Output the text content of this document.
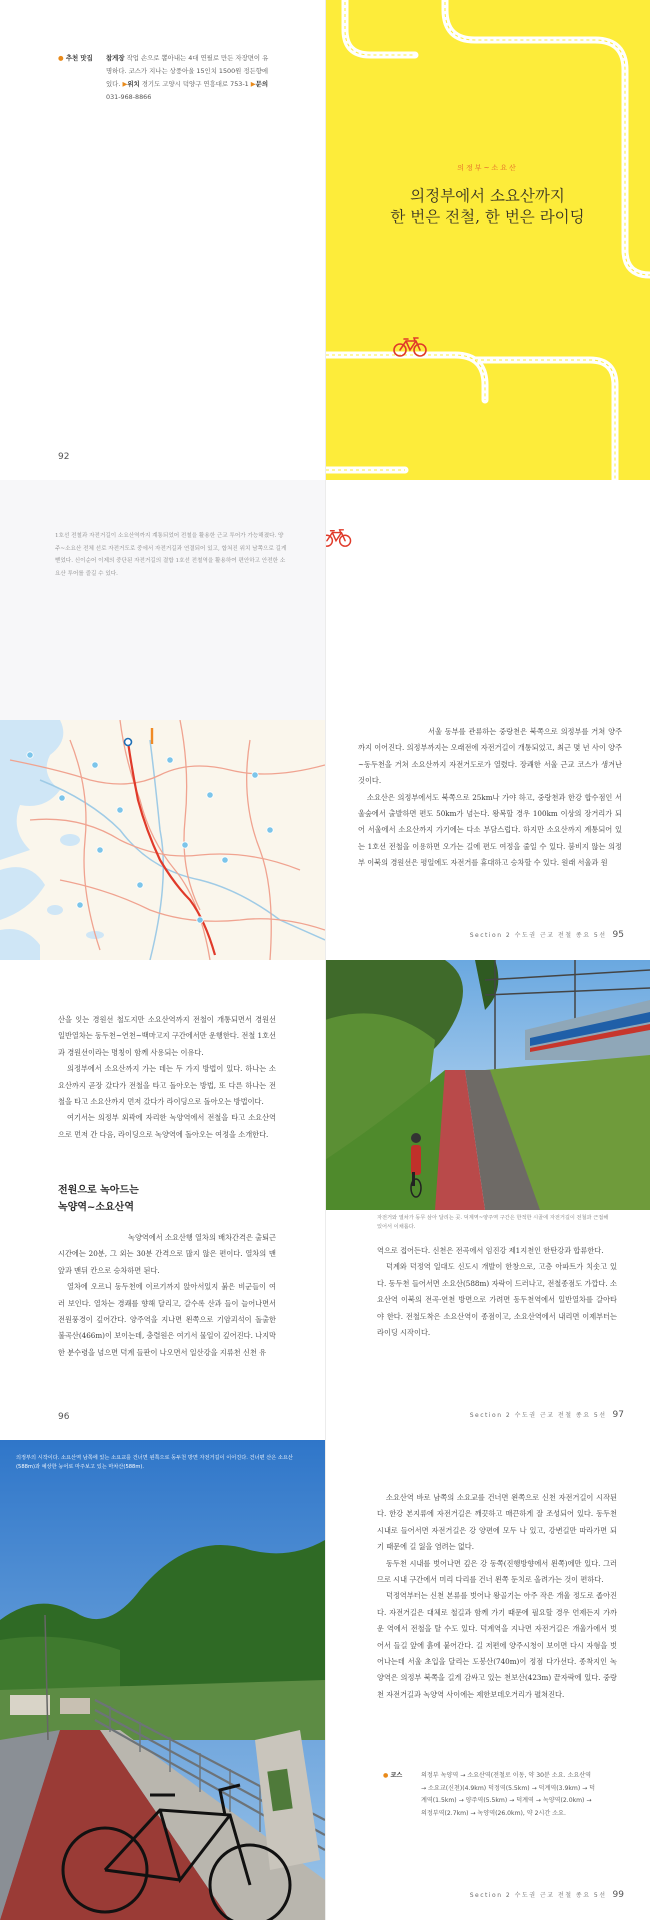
● 추천 맛집 참게장 작업 손으로 뽑아내는 4대 연필로 만든 자장면이 유명하다. 코스가 지나는 상풍아울 15인치 1500원 정든향에 있다. ▶위치 경기도 고양시 덕양구 연흥대로 753-1 ▶문의 031-968-8866
92
의정부~소요산
의정부에서 소요산까지
한 번은 전철, 한 번은 라이딩

1호선 전철과 자전거길이 소요산역까지 계통되었어 전철을 활용한 근교 투어가 가능해졌다. 양주~소요산 전체 선로 자전거도로 중에서 자전거길과 연결되어 있고, 합쳐진 위치 남쪽으로 길게 뻗었다. 신이순어 이제의 중단된 자전거길의 결합 1호선 전철역을 활용하여 편안하고 안전한 소요산 투어를 즐길 수 있다.

서울 동부를 관류하는 중랑천은 북쪽으로 의정부를 거쳐 양주까지 이어진다. 의정부까지는 오래전에 자전거길이 개통되었고, 최근 몇 년 사이 양주~동두천을 거쳐 소요산까지 자전거도로가 열렸다. 장쾌한 서울 근교 코스가 생겨난 것이다.

소요산은 의정부에서도 북쪽으로 25km나 가야 하고, 중랑천과 한강 합수점인 서울숲에서 출발하면 편도 50km가 넘는다. 왕복할 경우 100km 이상의 장거리가 되어 서울에서 소요산까지 가기에는 다소 부담스럽다. 하지만 소요산까지 계통되어 있는 1호선 전철을 이용하면 오가는 길에 편도 여정을 줄일 수 있다. 붐비지 않는 의정부 이북의 경원선은 평일에도 자전거를 휴대하고 승차할 수 있다. 원래 서울과 원

Section 2 수도권 근교 전철 종요 5선 95

산을 잇는 경원선 철도지만 소요산역까지 전철이 개통되면서 경원선 일반열차는 동두천~연천~백마고지 구간에서만 운행한다. 전철 1호선과 경원선이라는 명칭이 함께 사용되는 이유다.

의정부에서 소요산까지 가는 데는 두 가지 방법이 있다. 하나는 소요산까지 곧장 갔다가 전철을 타고 돌아오는 방법, 또 다른 하나는 전철을 타고 소요산까지 먼저 갔다가 라이딩으로 돌아오는 방법이다.

여기서는 의정부 외곽에 자리한 녹양역에서 전철을 타고 소요산역으로 먼저 간 다음, 라이딩으로 녹양역에 돌아오는 여정을 소개한다.

전원으로 녹아드는
녹양역~소요산역

녹양역에서 소요산행 열차의 배차간격은 출퇴근 시간에는 20분, 그 외는 30분 간격으로 많지 않은 편이다. 열차의 맨앞과 맨뒤 칸으로 승차하면 된다.

열차에 오르니 동두천에 이르기까지 앉아서있지 붉은 비군들이 여러 보인다. 열차는 경쾌를 향해 달리고, 갈수록 산과 들이 늘어나면서 전원풍경이 깊어간다. 양주역을 지나면 왼쪽으로 기암괴석이 돌출한 불곡산(466m)이 보이는데, 충렬원은 여기서 물일이 깊어진다. 나지막한 분수령을 넘으면 덕계 들판이 나오면서 일산강을 지류천 신천 유

96

자전거와 열차가 동무 삼아 달리는 곳. 덕계역~양주역 구간은 한적한 시골에 자전거길이 전철과 근접해 있어서 이채롭다.

역으로 접어든다. 신천은 전곡에서 임진강 제1지천인 한탄강과 합류한다.

덕계와 덕정역 일대도 신도시 개발이 한창으로, 고층 아파트가 치솟고 있다. 동두천 들어서면 소요산(588m) 자락이 드러나고, 전철종점도 가깝다. 소요산역 이북의 전곡·연천 방면으로 가려면 동두천역에서 일반열차를 갈아타야 한다. 전철도착은 소요산역이 종점이고, 소요산역에서 내리면 이제부터는 라이딩 시작이다.

Section 2 수도권 근교 전철 종요 5선 97

의정부의 시작이다. 소요산역 남쪽에 있는 소요교를 건너면 왼쪽으로 동두천 방면 자전거길이 이어진다. 건너편 산은 소요산(588m)과 예상한 능어로 마주보고 있는 마차산(588m).

소요산역 바로 남쪽의 소요교를 건너면 왼쪽으로 신천 자전거길이 시작된다. 한강 본지류에 자전거길은 깨끗하고 매끈하게 잘 조성되어 있다. 동두천 시내로 들어서면 자전거길은 강 양편에 모두 나 있고, 강변길만 따라가면 되기 때문에 길 잃을 염려는 없다.

동두천 시내를 벗어나면 깊은 강 동쪽(진행방향에서 왼쪽)에만 있다. 그러므로 시내 구간에서 미리 다리를 건너 왼쪽 둔치로 올려가는 것이 편하다.

덕정역부터는 신천 본류를 벗어나 왕골기는 아주 작은 개울 정도로 좁아진다. 자전거길은 대체로 철길과 함께 가기 때문에 필요할 경우 언제든지 가까운 역에서 전철을 탈 수도 있다. 덕계역을 지나면 자전거길은 개울가에서 벗어서 들길 앞에 흙에 붙어간다. 길 저편에 양주시청이 보이면 다시 자형을 벗어나는데 서울 초입을 달리는 도봉산(740m)이 정점 다가선다. 종착지인 녹양역은 의정부 북쪽을 길게 감싸고 있는 천보산(423m) 끝자락에 있다. 중랑천 자전거길과 녹양역 사이에는 제한보데오거리가 펼쳐진다.

● 코스	의정부 녹양역 → 소요산역(전철로 이동, 약 30분 소요. 소요산역 → 소요교(신천)(4.9km) 덕정역(5.5km) → 덕계역(3.9km) → 덕계역(1.5km) → 양주역(5.5km) → 덕계역 → 녹양역(2.0km) → 의정부역(2.7km) → 녹양역(26.0km), 약 2시간 소요.
Section 2 수도권 근교 전철 종요 5선 99
